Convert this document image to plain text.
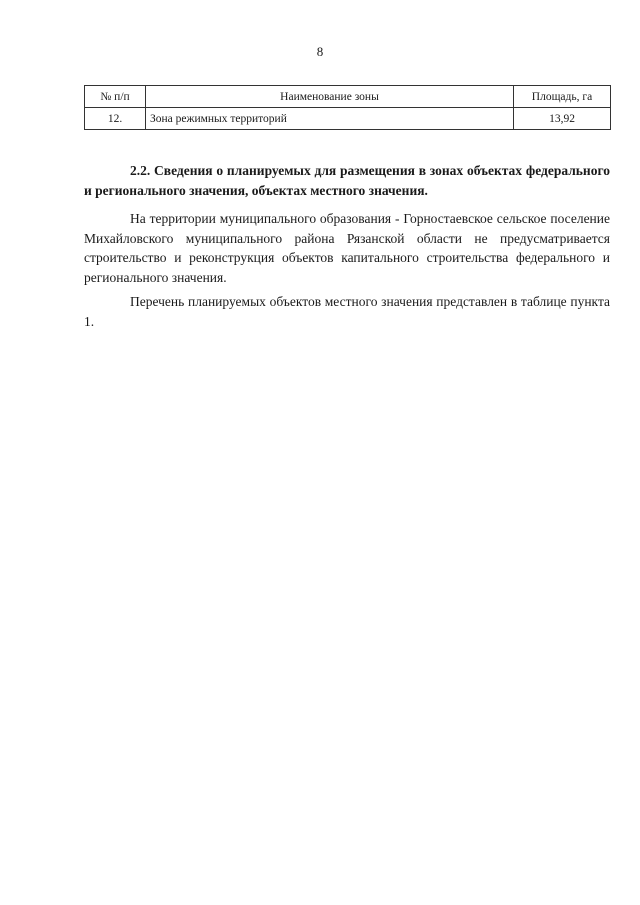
8
№ п/п	Наименование зоны	Площадь, га
12.	Зона режимных территорий	13,92

2.2. Сведения о планируемых для размещения в зонах объектах федерального и регионального значения, объектах местного значения.

На территории муниципального образования - Горностаевское сельское поселение Михайловского муниципального района Рязанской области не предусматривается строительство и реконструкция объектов капитального строительства федерального и регионального значения.

Перечень планируемых объектов местного значения представлен в таблице пункта 1.
